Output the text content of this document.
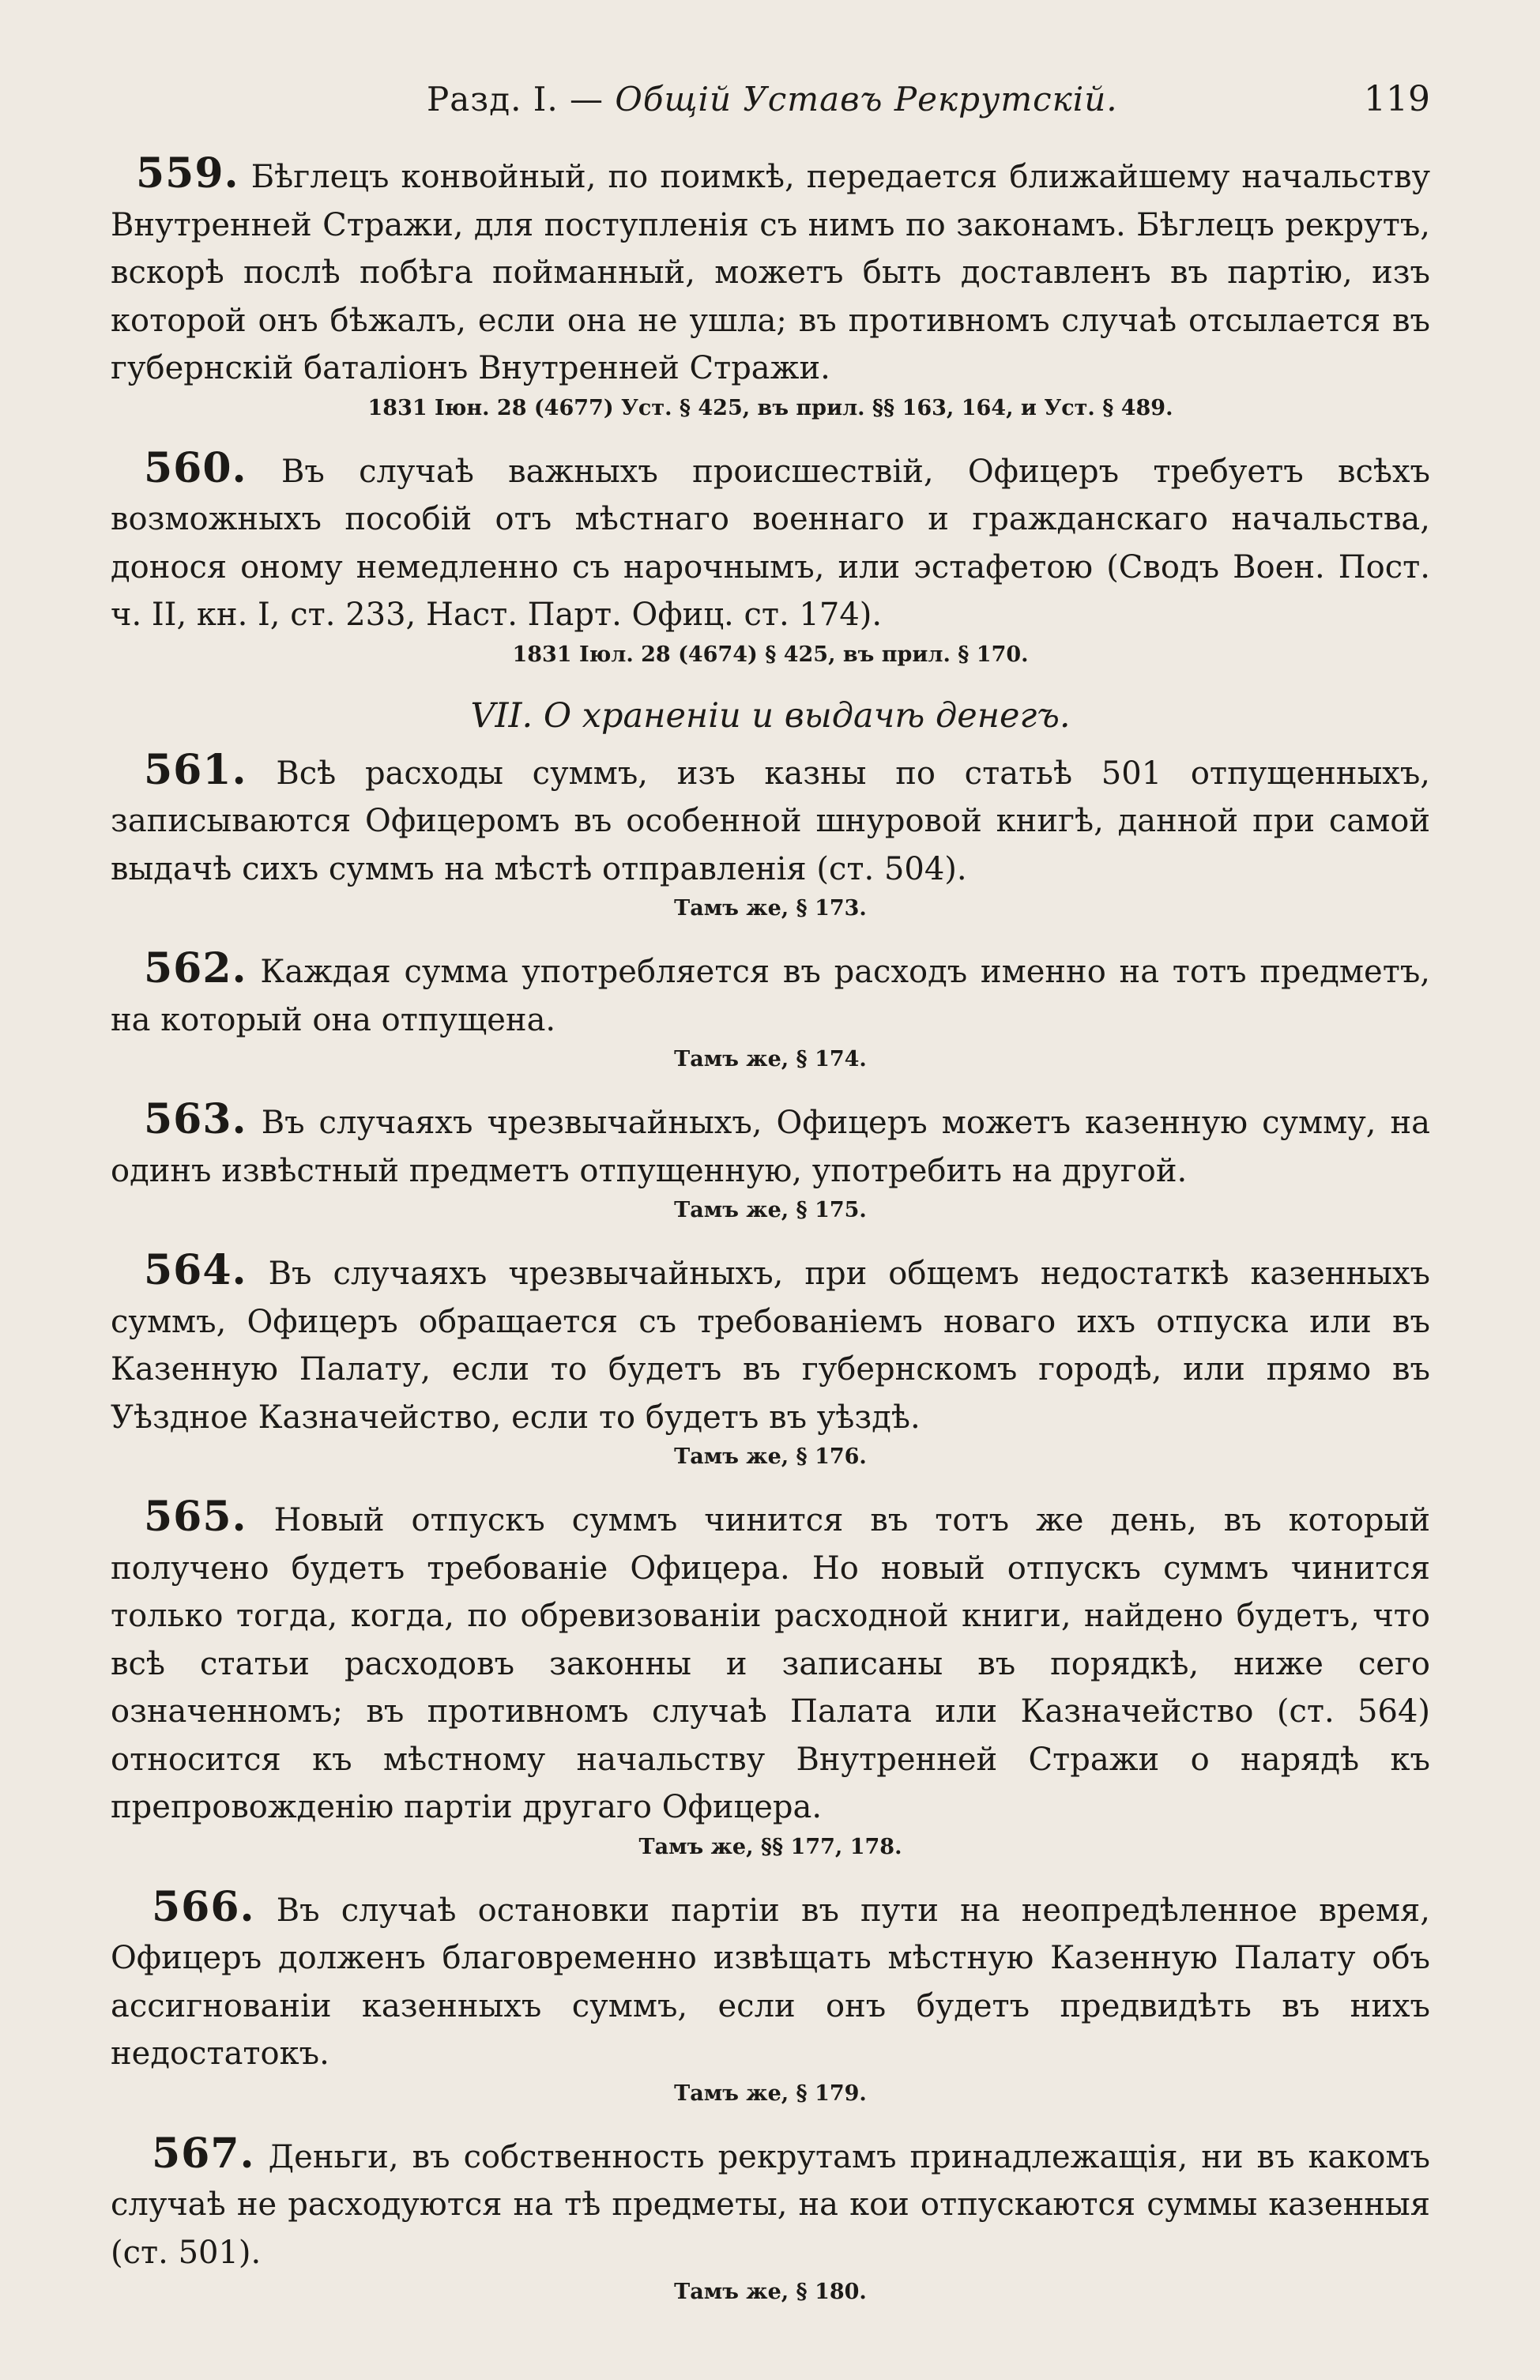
Разд. I. — Общій Уставъ Рекрутскій.	119
559. Бѣглецъ конвойный, по поимкѣ, передается ближайшему начальству Внутренней Стражи, для поступленія съ нимъ по законамъ. Бѣглецъ рекрутъ, вскорѣ послѣ побѣга пойманный, можетъ быть доставленъ въ партію, изъ которой онъ бѣжалъ, если она не ушла; въ противномъ случаѣ отсылается въ губернскій баталіонъ Внутренней Стражи.
1831 Іюн. 28 (4677) Уст. § 425, въ прил. §§ 163, 164, и Уст. § 489.
560. Въ случаѣ важныхъ происшествій, Офицеръ требуетъ всѣхъ возможныхъ пособій отъ мѣстнаго военнаго и гражданскаго начальства, донося оному немедленно съ нарочнымъ, или эстафетою (Сводъ Воен. Пост. ч. II, кн. I, ст. 233, Наст. Парт. Офиц. ст. 174).
1831 Іюл. 28 (4674) § 425, въ прил. § 170.
VII. О храненіи и выдачѣ денегъ.
561. Всѣ расходы суммъ, изъ казны по статьѣ 501 отпущенныхъ, записываются Офицеромъ въ особенной шнуровой книгѣ, данной при самой выдачѣ сихъ суммъ на мѣстѣ отправленія (ст. 504).
Тамъ же, § 173.
562. Каждая сумма употребляется въ расходъ именно на тотъ предметъ, на который она отпущена.
Тамъ же, § 174.
563. Въ случаяхъ чрезвычайныхъ, Офицеръ можетъ казенную сумму, на одинъ извѣстный предметъ отпущенную, употребить на другой.
Тамъ же, § 175.
564. Въ случаяхъ чрезвычайныхъ, при общемъ недостаткѣ казенныхъ суммъ, Офицеръ обращается съ требованіемъ новаго ихъ отпуска или въ Казенную Палату, если то будетъ въ губернскомъ городѣ, или прямо въ Уѣздное Казначейство, если то будетъ въ уѣздѣ.
Тамъ же, § 176.
565. Новый отпускъ суммъ чинится въ тотъ же день, въ который получено будетъ требованіе Офицера. Но новый отпускъ суммъ чинится только тогда, когда, по обревизованіи расходной книги, найдено будетъ, что всѣ статьи расходовъ законны и записаны въ порядкѣ, ниже сего означенномъ; въ противномъ случаѣ Палата или Казначейство (ст. 564) относится къ мѣстному начальству Внутренней Стражи о нарядѣ къ препровожденію партіи другаго Офицера.
Тамъ же, §§ 177, 178.
566. Въ случаѣ остановки партіи въ пути на неопредѣленное время, Офицеръ долженъ благовременно извѣщать мѣстную Казенную Палату объ ассигнованіи казенныхъ суммъ, если онъ будетъ предвидѣть въ нихъ недостатокъ.
Тамъ же, § 179.
567. Деньги, въ собственность рекрутамъ принадлежащія, ни въ какомъ случаѣ не расходуются на тѣ предметы, на кои отпускаются суммы казенныя (ст. 501).
Тамъ же, § 180.
